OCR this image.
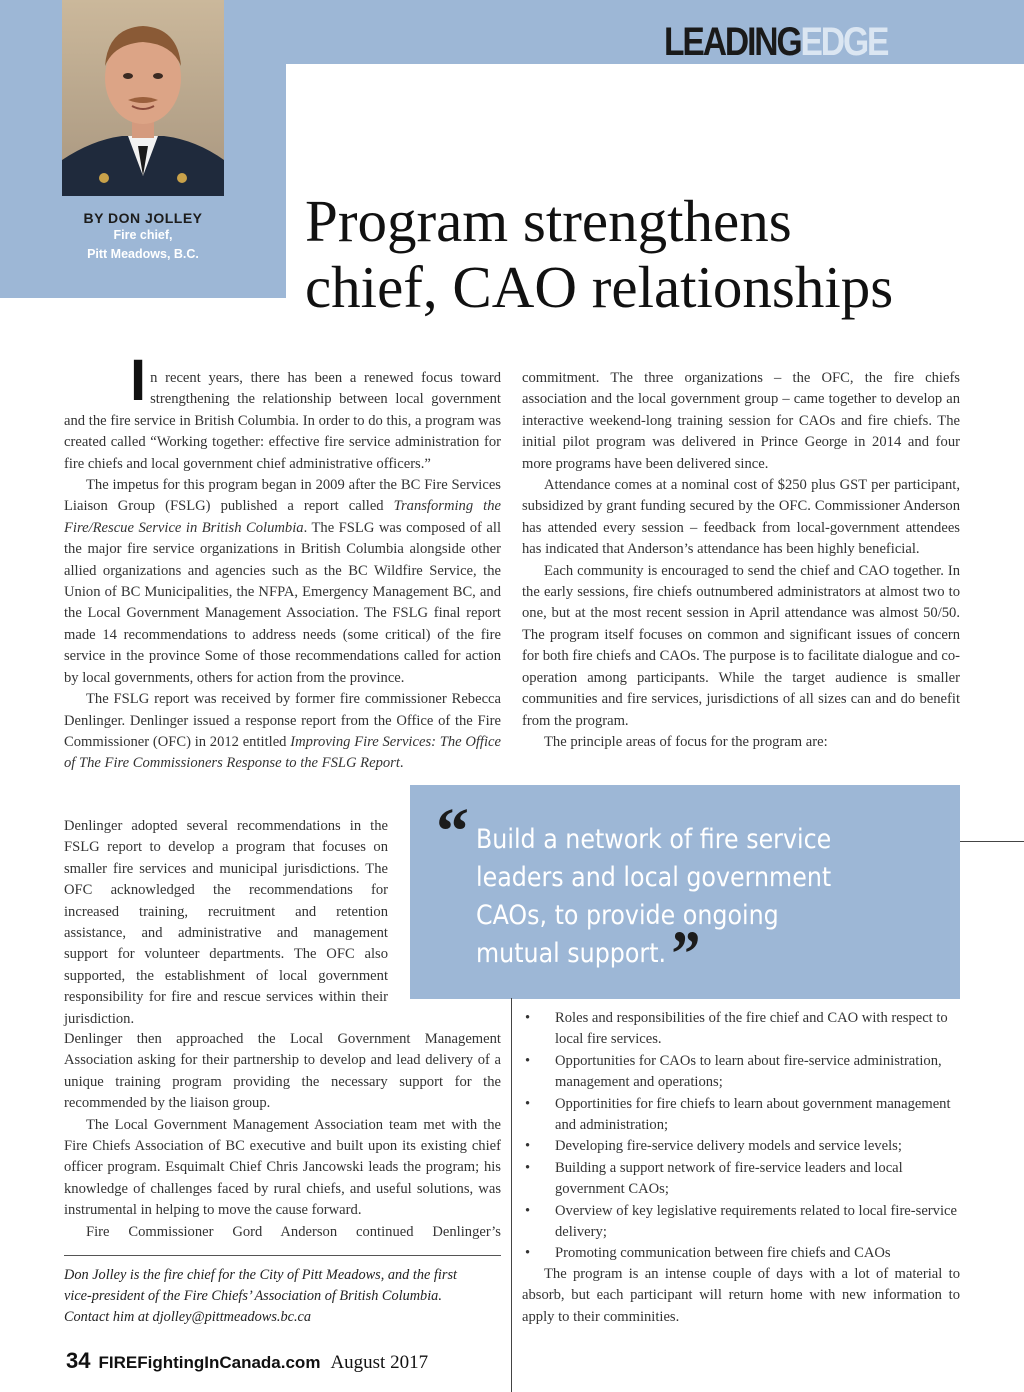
BY DON JOLLEY
Fire chief,
Pitt Meadows, B.C.
LEADINGEDGE
Program strengthens
chief, CAO relationships

In recent years, there has been a renewed focus toward strengthening the relationship between local government and the fire service in British Columbia. In order to do this, a program was created called “Working together: effective fire service administration for fire chiefs and local government chief administrative officers.”

The impetus for this program began in 2009 after the BC Fire Services Liaison Group (FSLG) published a report called Transforming the Fire/Rescue Service in British Columbia. The FSLG was composed of all the major fire service organizations in British Columbia alongside other allied organizations and agencies such as the BC Wildfire Service, the Union of BC Municipalities, the NFPA, Emergency Management BC, and the Local Government Management Association. The FSLG final report made 14 recommendations to address needs (some critical) of the fire service in the province Some of those recommendations called for action by local governments, others for action from the province.

The FSLG report was received by former fire commissioner Rebecca Denlinger. Denlinger issued a response report from the Office of the Fire Commissioner (OFC) in 2012 entitled Improving Fire Services: The Office of The Fire Commissioners Response to the FSLG Report.

Denlinger adopted several recommendations in the FSLG report to develop a program that focuses on smaller fire services and municipal jurisdictions. The OFC acknowledged the recommendations for increased training, recruitment and retention assistance, and administrative and management support for volunteer departments. The OFC also supported, the establishment of local government responsibility for fire and rescue services within their jurisdiction.

Denlinger then approached the Local Government Management Association asking for their partnership to develop and lead delivery of a unique training program providing the necessary support for the recommended by the liaison group.

The Local Government Management Association team met with the Fire Chiefs Association of BC executive and built upon its existing chief officer program. Esquimalt Chief Chris Jancowski leads the program; his knowledge of challenges faced by rural chiefs, and useful solutions, was instrumental in helping to move the cause forward.

Fire Commissioner Gord Anderson continued Denlinger’s

commitment. The three organizations – the OFC, the fire chiefs association and the local government group – came together to develop an interactive weekend-long training session for CAOs and fire chiefs. The initial pilot program was delivered in Prince George in 2014 and four more programs have been delivered since.

Attendance comes at a nominal cost of $250 plus GST per participant, subsidized by grant funding secured by the OFC. Commissioner Anderson has attended every session – feedback from local-government attendees has indicated that Anderson’s attendance has been highly beneficial.

Each community is encouraged to send the chief and CAO together. In the early sessions, fire chiefs outnumbered administrators at almost two to one, but at the most recent session in April attendance was almost 50/50. The program itself focuses on common and significant issues of concern for both fire chiefs and CAOs. The purpose is to facilitate dialogue and co-operation among participants. While the target audience is smaller communities and fire services, jurisdictions of all sizes can and do benefit from the program.

The principle areas of focus for the program are:

“ Build a network of fire service
leaders and local government
CAOs, to provide ongoing
mutual support.”
• Roles and responsibilities of the fire chief and CAO with respect to local fire services.
• Opportunities for CAOs to learn about fire-service administration, management and operations;
• Opportinities for fire chiefs to learn about government management and administration;
• Developing fire-service delivery models and service levels;
• Building a support network of fire-service leaders and local government CAOs;
• Overview of key legislative requirements related to local fire-service delivery;
• Promoting communication between fire chiefs and CAOs

The program is an intense couple of days with a lot of material to absorb, but each participant will return home with new information to apply to their comminities.

Don Jolley is the fire chief for the City of Pitt Meadows, and the first
vice-president of the Fire Chiefs’ Association of British Columbia.
Contact him at djolley@pittmeadows.bc.ca

34 FIREFightingInCanada.com August 2017
